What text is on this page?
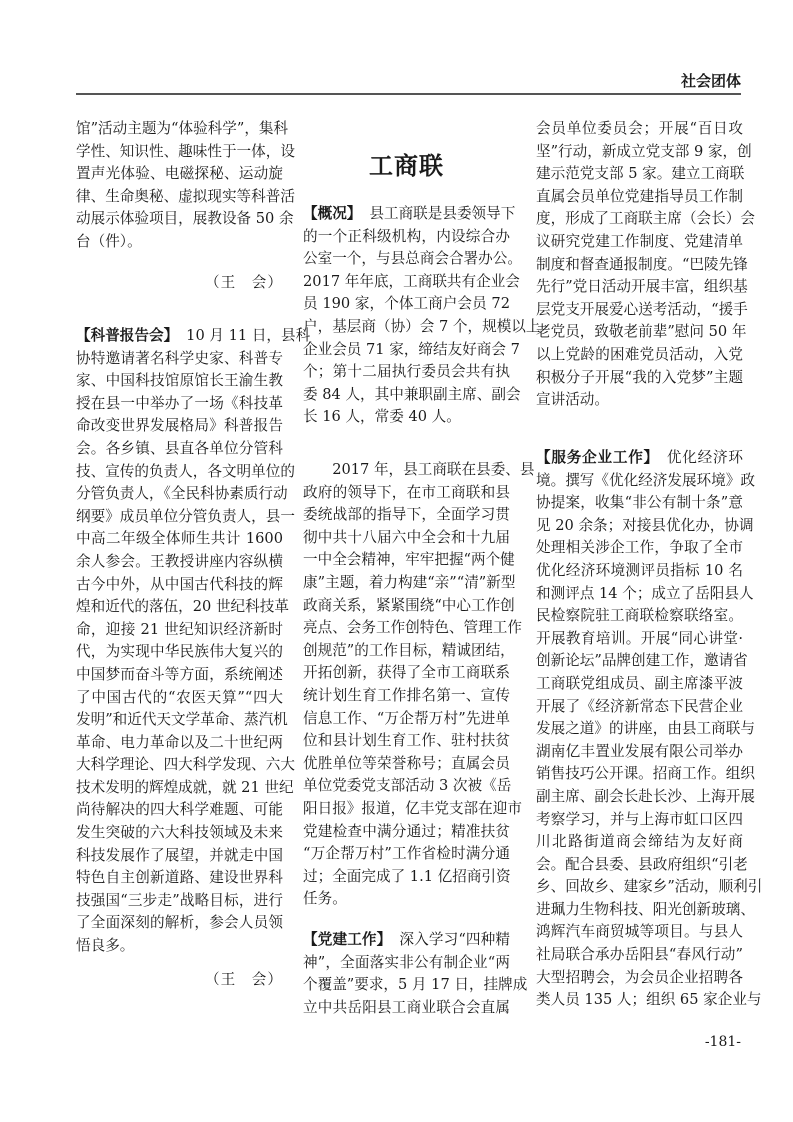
社会团体
馆”活动主题为“体验科学”，集科
学性、知识性、趣味性于一体，设
置声光体验、电磁探秘、运动旋
律、生命奥秘、虚拟现实等科普活
动展示体验项目，展教设备 50 余
台（件）。
（王　会）
【科普报告会】 10 月 11 日，县科
协特邀请著名科学史家、科普专
家、中国科技馆原馆长王渝生教
授在县一中举办了一场《科技革
命改变世界发展格局》科普报告
会。各乡镇、县直各单位分管科
技、宣传的负责人，各文明单位的
分管负责人，《全民科协素质行动
纲要》成员单位分管负责人，县一
中高二年级全体师生共计 1600
余人参会。王教授讲座内容纵横
古今中外，从中国古代科技的辉
煌和近代的落伍，20 世纪科技革
命，迎接 21 世纪知识经济新时
代，为实现中华民族伟大复兴的
中国梦而奋斗等方面，系统阐述
了中国古代的“农医天算”“四大
发明”和近代天文学革命、蒸汽机
革命、电力革命以及二十世纪两
大科学理论、四大科学发现、六大
技术发明的辉煌成就，就 21 世纪
尚待解决的四大科学难题、可能
发生突破的六大科技领域及未来
科技发展作了展望，并就走中国
特色自主创新道路、建设世界科
技强国“三步走”战略目标，进行
了全面深刻的解析，参会人员领
悟良多。
（王　会）
工商联
【概况】 县工商联是县委领导下
的一个正科级机构，内设综合办
公室一个，与县总商会合署办公。
2017 年年底，工商联共有企业会
员 190 家，个体工商户会员 72
户，基层商（协）会 7 个，规模以上
企业会员 71 家，缔结友好商会 7
个；第十二届执行委员会共有执
委 84 人，其中兼职副主席、副会
长 16 人，常委 40 人。
2017 年，县工商联在县委、县
政府的领导下，在市工商联和县
委统战部的指导下，全面学习贯
彻中共十八届六中全会和十九届
一中全会精神，牢牢把握“两个健
康”主题，着力构建“亲”“清”新型
政商关系，紧紧围绕“中心工作创
亮点、会务工作创特色、管理工作
创规范”的工作目标，精诚团结，
开拓创新，获得了全市工商联系
统计划生育工作排名第一、宣传
信息工作、“万企帮万村”先进单
位和县计划生育工作、驻村扶贫
优胜单位等荣誉称号；直属会员
单位党委党支部活动 3 次被《岳
阳日报》报道，亿丰党支部在迎市
党建检查中满分通过；精准扶贫
“万企帮万村”工作省检时满分通
过；全面完成了 1.1 亿招商引资
任务。
【党建工作】 深入学习“四种精
神”，全面落实非公有制企业“两
个覆盖”要求，5 月 17 日，挂牌成
立中共岳阳县工商业联合会直属
会员单位委员会；开展“百日攻
坚”行动，新成立党支部 9 家，创
建示范党支部 5 家。建立工商联
直属会员单位党建指导员工作制
度，形成了工商联主席（会长）会
议研究党建工作制度、党建清单
制度和督查通报制度。“巴陵先锋
先行”党日活动开展丰富，组织基
层党支开展爱心送考活动，“援手
老党员，致敬老前辈”慰问 50 年
以上党龄的困难党员活动，入党
积极分子开展“我的入党梦”主题
宣讲活动。
【服务企业工作】 优化经济环
境。撰写《优化经济发展环境》政
协提案，收集“非公有制十条”意
见 20 余条；对接县优化办，协调
处理相关涉企工作，争取了全市
优化经济环境测评员指标 10 名
和测评点 14 个；成立了岳阳县人
民检察院驻工商联检察联络室。
开展教育培训。开展“同心讲堂·
创新论坛”品牌创建工作，邀请省
工商联党组成员、副主席漆平波
开展了《经济新常态下民营企业
发展之道》的讲座，由县工商联与
湖南亿丰置业发展有限公司举办
销售技巧公开课。招商工作。组织
副主席、副会长赴长沙、上海开展
考察学习，并与上海市虹口区四
川北路街道商会缔结为友好商
会。配合县委、县政府组织“引老
乡、回故乡、建家乡”活动，顺利引
进珮力生物科技、阳光创新玻璃、
鸿辉汽车商贸城等项目。与县人
社局联合承办岳阳县“春风行动”
大型招聘会，为会员企业招聘各
类人员 135 人；组织 65 家企业与
-181-
